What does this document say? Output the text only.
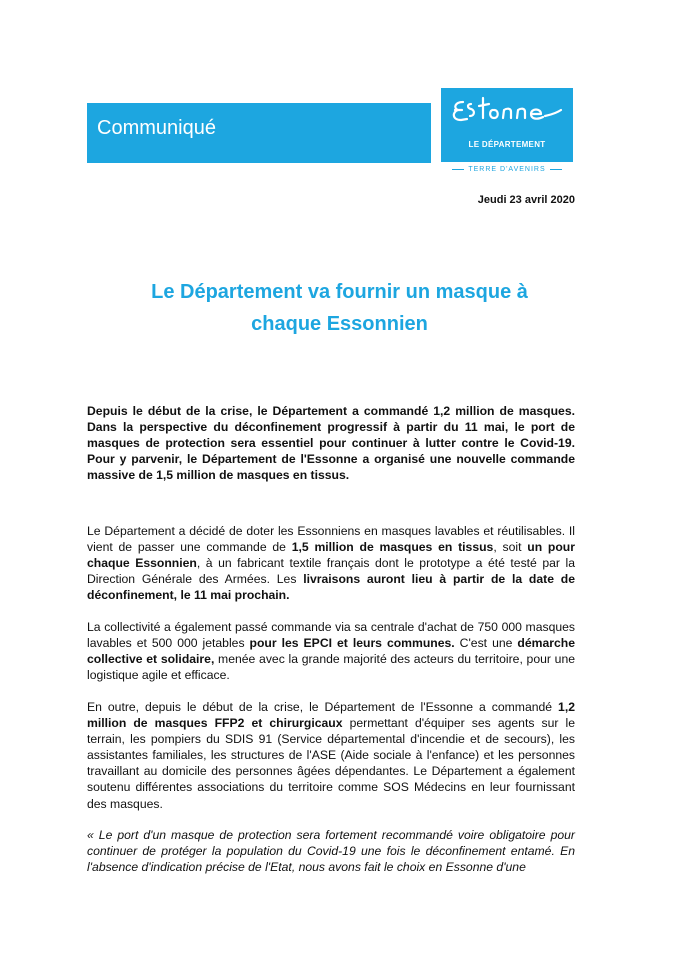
Communiqué
LE DÉPARTEMENT
TERRE D'AVENIRS
Jeudi 23 avril 2020
Le Département va fournir un masque à
chaque Essonnien
Depuis le début de la crise, le Département a commandé 1,2 million de masques. Dans la perspective du déconfinement progressif à partir du 11 mai, le port de masques de protection sera essentiel pour continuer à lutter contre le Covid-19. Pour y parvenir, le Département de l'Essonne a organisé une nouvelle commande massive de 1,5 million de masques en tissus.
Le Département a décidé de doter les Essonniens en masques lavables et réutilisables. Il vient de passer une commande de 1,5 million de masques en tissus, soit un pour chaque Essonnien, à un fabricant textile français dont le prototype a été testé par la Direction Générale des Armées. Les livraisons auront lieu à partir de la date de déconfinement, le 11 mai prochain.
La collectivité a également passé commande via sa centrale d'achat de 750 000 masques lavables et 500 000 jetables pour les EPCI et leurs communes. C'est une démarche collective et solidaire, menée avec la grande majorité des acteurs du territoire, pour une logistique agile et efficace.
En outre, depuis le début de la crise, le Département de l'Essonne a commandé 1,2 million de masques FFP2 et chirurgicaux permettant d'équiper ses agents sur le terrain, les pompiers du SDIS 91 (Service départemental d'incendie et de secours), les assistantes familiales, les structures de l'ASE (Aide sociale à l'enfance) et les personnes travaillant au domicile des personnes âgées dépendantes. Le Département a également soutenu différentes associations du territoire comme SOS Médecins en leur fournissant des masques.
« Le port d'un masque de protection sera fortement recommandé voire obligatoire pour continuer de protéger la population du Covid-19 une fois le déconfinement entamé. En l'absence d'indication précise de l'Etat, nous avons fait le choix en Essonne d'une
